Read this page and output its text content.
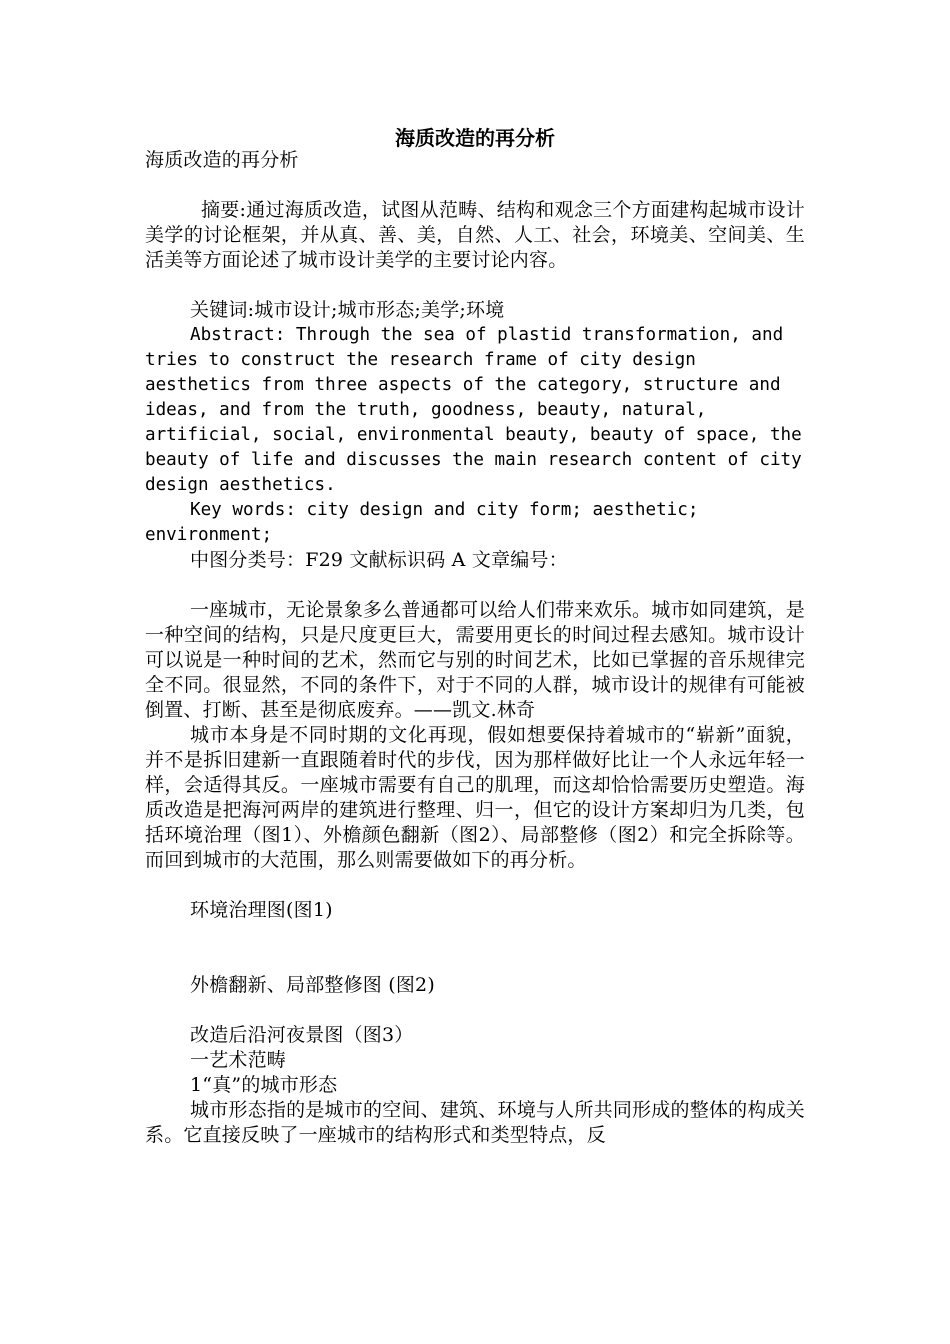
海质改造的再分析

海质改造的再分析

摘要:通过海质改造，试图从范畴、结构和观念三个方面建构起城市设计美学的讨论框架，并从真、善、美，自然、人工、社会，环境美、空间美、生活美等方面论述了城市设计美学的主要讨论内容。

关键词:城市设计;城市形态;美学;环境

Abstract: Through the sea of plastid transformation, and tries to construct the research frame of city design aesthetics from three aspects of the category, structure and ideas, and from the truth, goodness, beauty, natural, artificial, social, environmental beauty, beauty of space, the beauty of life and discusses the main research content of city design aesthetics.

Key words: city design and city form; aesthetic; environment;

中图分类号：F29 文献标识码 A 文章编号：

一座城市，无论景象多么普通都可以给人们带来欢乐。城市如同建筑，是一种空间的结构，只是尺度更巨大，需要用更长的时间过程去感知。城市设计可以说是一种时间的艺术，然而它与别的时间艺术，比如已掌握的音乐规律完全不同。很显然，不同的条件下，对于不同的人群，城市设计的规律有可能被倒置、打断、甚至是彻底废弃。——凯文.林奇

城市本身是不同时期的文化再现，假如想要保持着城市的“崭新”面貌，并不是拆旧建新一直跟随着时代的步伐，因为那样做好比让一个人永远年轻一样，会适得其反。一座城市需要有自己的肌理，而这却恰恰需要历史塑造。海质改造是把海河两岸的建筑进行整理、归一，但它的设计方案却归为几类，包括环境治理（图1）、外檐颜色翻新（图2）、局部整修（图2）和完全拆除等。而回到城市的大范围，那么则需要做如下的再分析。

环境治理图(图1)

外檐翻新、局部整修图 (图2)

改造后沿河夜景图（图3）

一艺术范畴

1“真”的城市形态

城市形态指的是城市的空间、建筑、环境与人所共同形成的整体的构成关系。它直接反映了一座城市的结构形式和类型特点，反
